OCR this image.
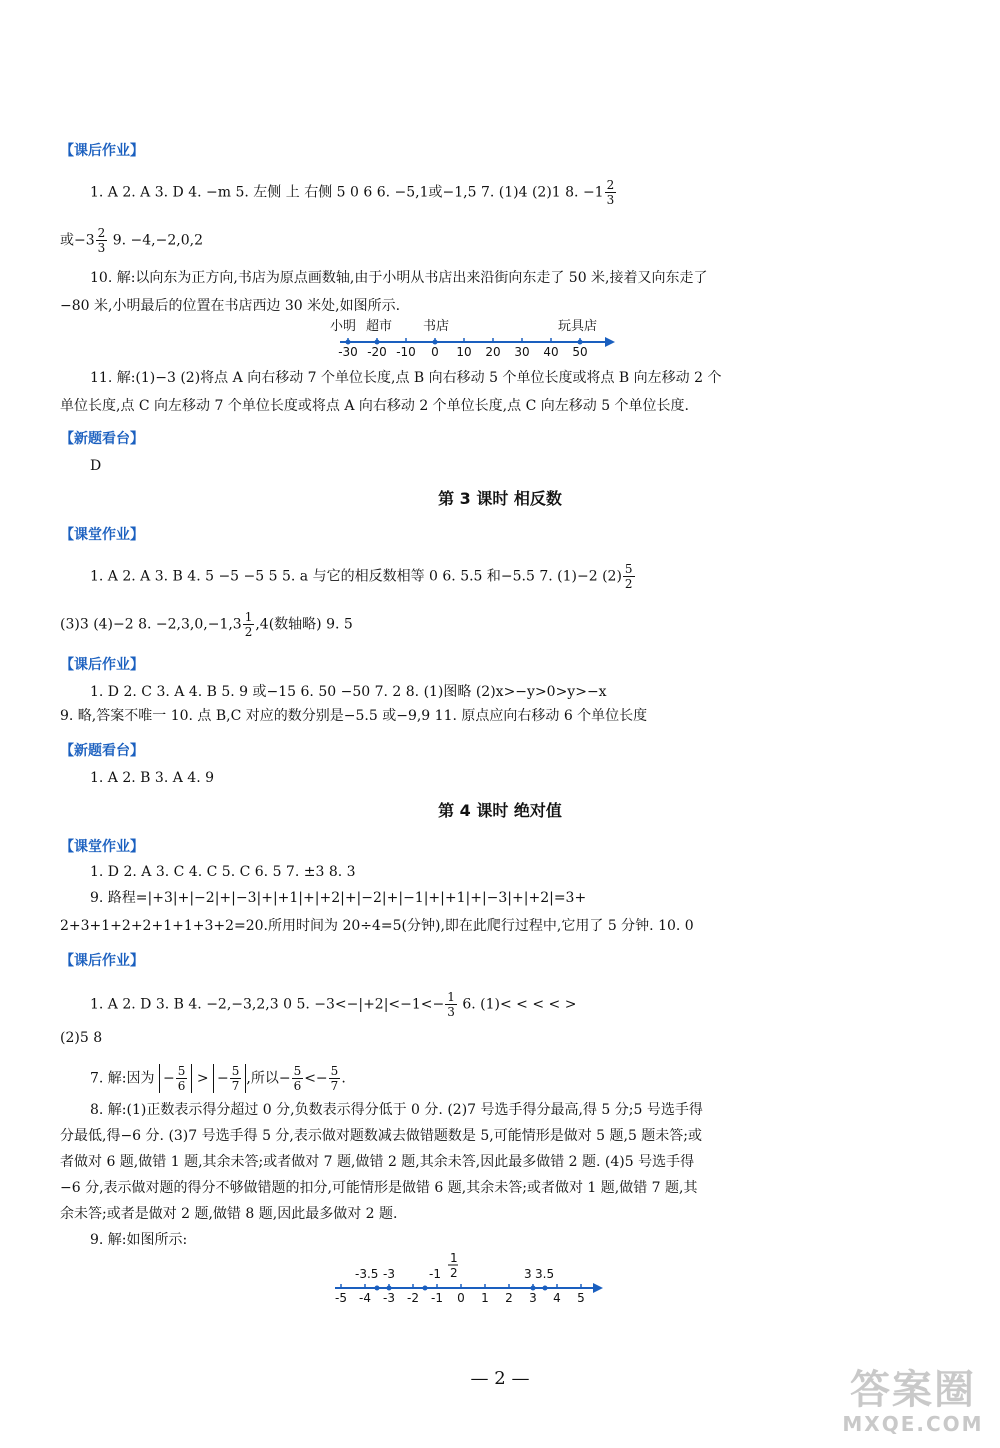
【课后作业】
1. A 2. A 3. D 4. −m 5. 左侧 上 右侧 5 0 6 6. −5,1或−1,5 7. (1)4 (2)1 8. $-1 \frac{2}{3}$
或$-3 \frac{2}{3} 9$. −4,−2,0,2
10. 解:以向东为正方向,书店为原点画数轴,由于小明从书店出来沿街向东走了 50 米,接着又向东走了
−80 米,小明最后的位置在书店西边 30 米处,如图所示.
小明 超市 书店	玩具店
-30 -20 -10 0 10 20 30 40 50
11. 解:(1)−3 (2)将点 A 向右移动 7 个单位长度,点 B 向右移动 5 个单位长度或将点 B 向左移动 2 个
单位长度,点 C 向左移动 7 个单位长度或将点 A 向右移动 2 个单位长度,点 C 向左移动 5 个单位长度.
【新题看台】
D
第 3 课时 相反数
【课堂作业】
1. A 2. A 3. B 4. 5 −5 −5 5 5. a 与它的相反数相等 0 6. 5.5 和−5.5 7. (1)−2 $(2) \frac{5}{2}$
(3)3 (4)−2 8. $-2,3,0,-1,3 \frac{1}{2} ,4$(数轴略) 9. 5
【课后作业】
1. D 2. C 3. A 4. B 5. 9 或−15 6. 50 −50 7. 2 8. (1)图略 (2)x>−y>0>y>−x
9. 略,答案不唯一 10. 点 B,C 对应的数分别是−5.5 或−9,9 11. 原点应向右移动 6 个单位长度
【新题看台】
1. A 2. B 3. A 4. 9
第 4 课时 绝对值
【课堂作业】
1. D 2. A 3. C 4. C 5. C 6. 5 7. ±3 8. 3
9. 路程=|+3|+|−2|+|−3|+|+1|+|+2|+|−2|+|−1|+|+1|+|−3|+|+2|=3+
2+3+1+2+2+1+1+3+2=20.所用时间为 20÷4=5(分钟),即在此爬行过程中,它用了 5 分钟. 10. 0
【课后作业】
1. A 2. D 3. B 4. −2,−3,2,3 0 5. $-3<-|+2|<-1<- \frac{1}{3} 6$. (1)< < < < >
(2)5 8
7. 解:因为 − $\frac{5}{6}$ > − $\frac{5}{7}$ ,所以− $\frac{5}{6} <- \frac{5}{7}$ .
8. 解:(1)正数表示得分超过 0 分,负数表示得分低于 0 分. (2)7 号选手得分最高,得 5 分;5 号选手得
分最低,得−6 分. (3)7 号选手得 5 分,表示做对题数减去做错题数是 5,可能情形是做对 5 题,5 题未答;或
者做对 6 题,做错 1 题,其余未答;或者做对 7 题,做错 2 题,其余未答,因此最多做错 2 题. (4)5 号选手得
−6 分,表示做对题的得分不够做错题的扣分,可能情形是做错 6 题,其余未答;或者做对 1 题,做错 7 题,其
余未答;或者是做对 2 题,做错 8 题,因此最多做对 2 题.
9. 解:如图所示:
-3.5 -3	-1
1
2	3 3.5
-5 -4 -3 -2 -1 0 1 2 3 4 5
— 2 —	答案圈
MXQE.COM
